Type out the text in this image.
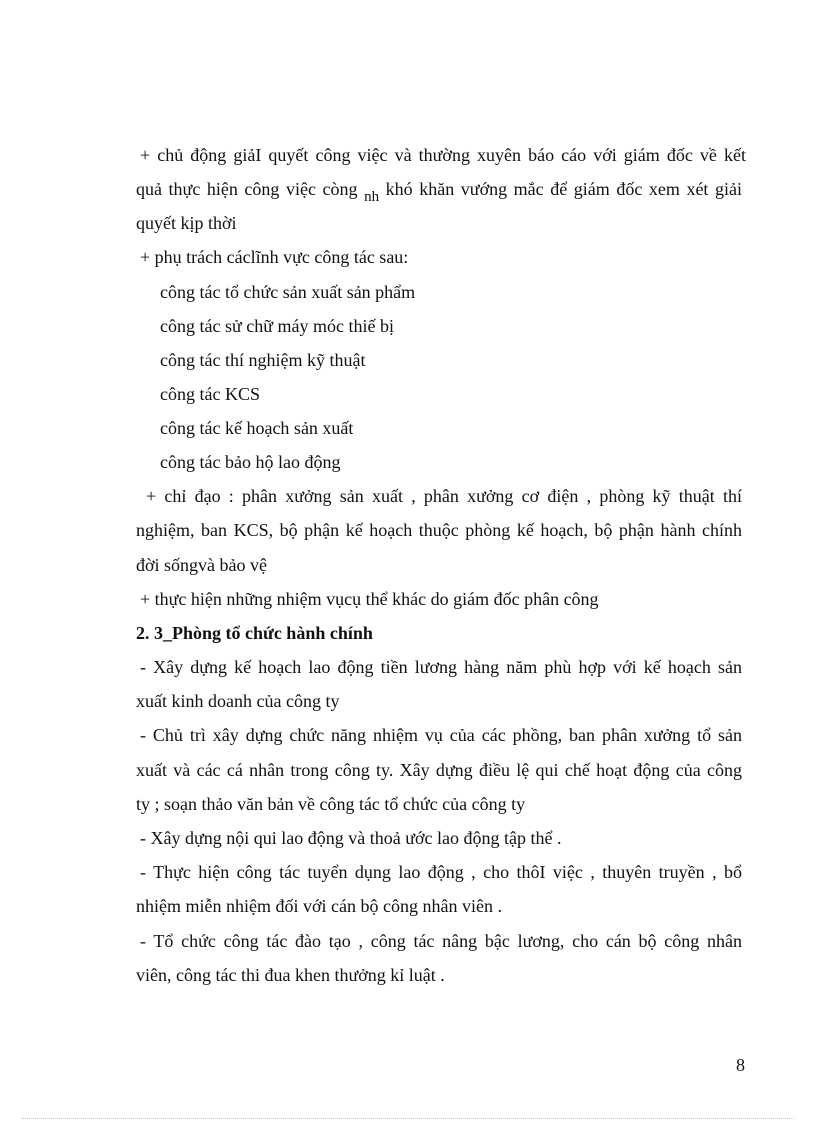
+ chủ động giảI quyết công việc và thường xuyên báo cáo với giám đốc về kết
quả thực hiện công việc còng $_{nh}$ khó khăn vướng mắc để giám đốc xem xét giải
quyết kịp thời
+ phụ trách cáclĩnh vực công tác sau:
công tác tổ chức sản xuất sản phẩm
công tác sử chữ máy móc thiế bị
công tác thí nghiệm kỹ thuật
công tác KCS
công tác kế hoạch sản xuất
công tác bảo hộ lao động
+ chỉ đạo : phân xưởng sản xuất , phân xưởng cơ điện , phòng kỹ thuật thí
nghiệm, ban KCS, bộ phận kế hoạch thuộc phòng kế hoạch, bộ phận hành chính
đời sốngvà bảo vệ
+ thực hiện những nhiệm vụcụ thể khác do giám đốc phân công
2. 3_Phòng tổ chức hành chính
- Xây dựng kế hoạch lao động tiền lương hàng năm phù hợp với kế hoạch sản
xuất kinh doanh của công ty
- Chủ trì xây dựng chức năng nhiệm vụ của các phồng, ban phân xưởng tổ sản
xuất và các cá nhân trong công ty. Xây dựng điều lệ qui chế hoạt động của công
ty ; soạn thảo văn bản về công tác tổ chức của công ty
- Xây dựng nội qui lao động và thoả ước lao động tập thể .
- Thực hiện công tác tuyển dụng lao động , cho thôI việc , thuyên truyền , bổ
nhiệm miễn nhiệm đối với cán bộ công nhân viên .
- Tổ chức công tác đào tạo , công tác nâng bậc lương, cho cán bộ công nhân
viên, công tác thi đua khen thưởng kỉ luật .
8
